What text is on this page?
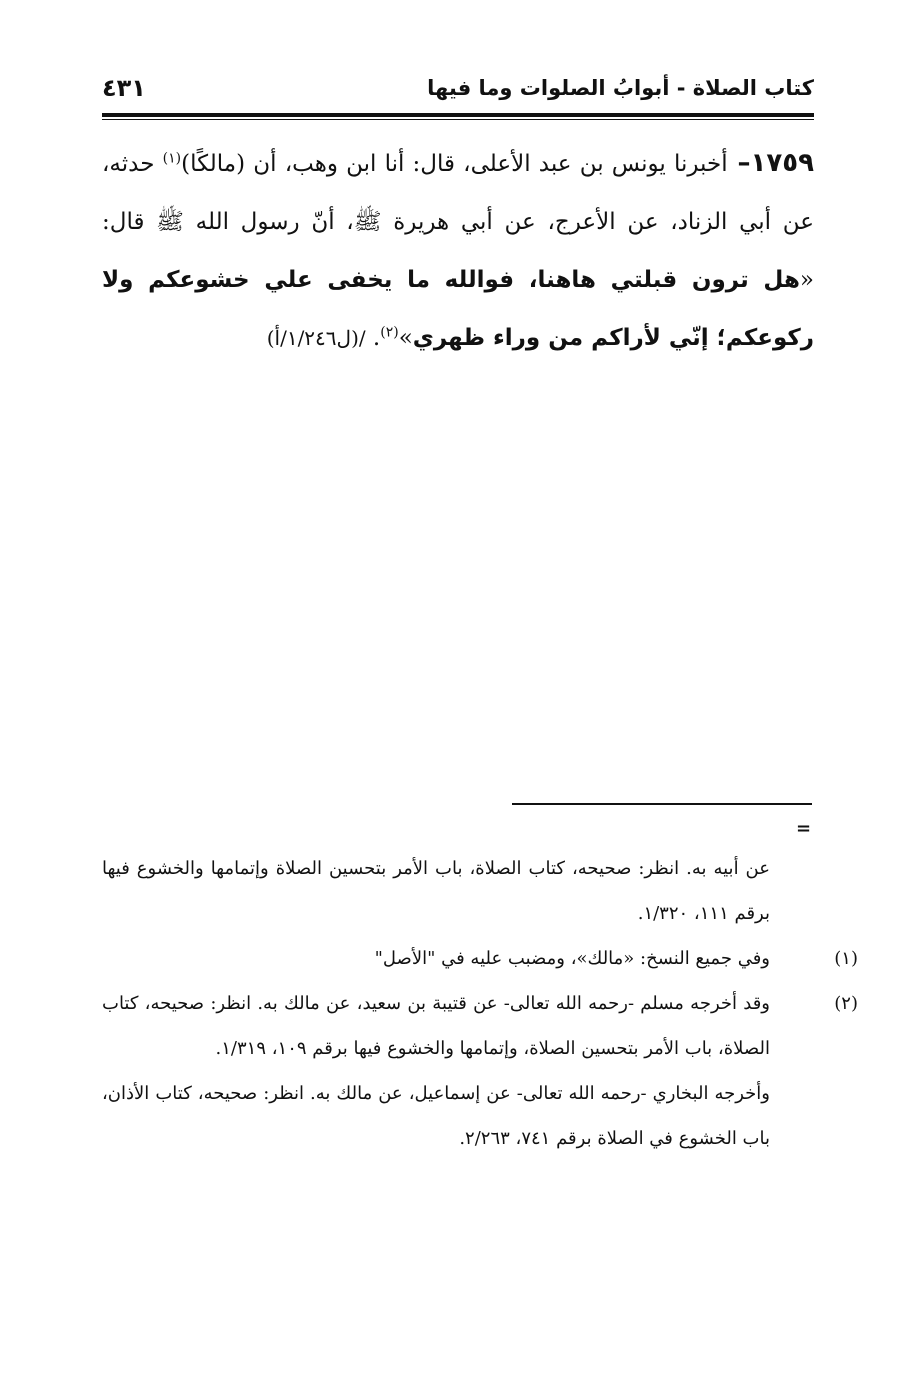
كتاب الصلاة - أبوابُ الصلوات وما فيها
٤٣١
١٧٥٩– أخبرنا يونس بن عبد الأعلى، قال: أنا ابن وهب، أن (مالكًا)$^{(١)}$ حدثه، عن أبي الزناد، عن الأعرج، عن أبي هريرة ﷺ، أنّ رسول الله ﷺ قال: «هل ترون قبلتي هاهنا، فوالله ما يخفى علي خشوعكم ولا ركوعكم؛ إنّي لأراكم من وراء ظهري»$^{(٢)}$. /(ل١/٢٤٦/أ)
=
عن أبيه به. انظر: صحيحه، كتاب الصلاة، باب الأمر بتحسين الصلاة وإتمامها والخشوع فيها برقم ١١١، ١/٣٢٠.
(١)وفي جميع النسخ: «مالك»، ومضبب عليه في "الأصل"
(٢)وقد أخرجه مسلم -رحمه الله تعالى- عن قتيبة بن سعيد، عن مالك به. انظر: صحيحه، كتاب الصلاة، باب الأمر بتحسين الصلاة، وإتمامها والخشوع فيها برقم ١٠٩، ١/٣١٩.
وأخرجه البخاري -رحمه الله تعالى- عن إسماعيل، عن مالك به. انظر: صحيحه، كتاب الأذان، باب الخشوع في الصلاة برقم ٧٤١، ٢/٢٦٣.
